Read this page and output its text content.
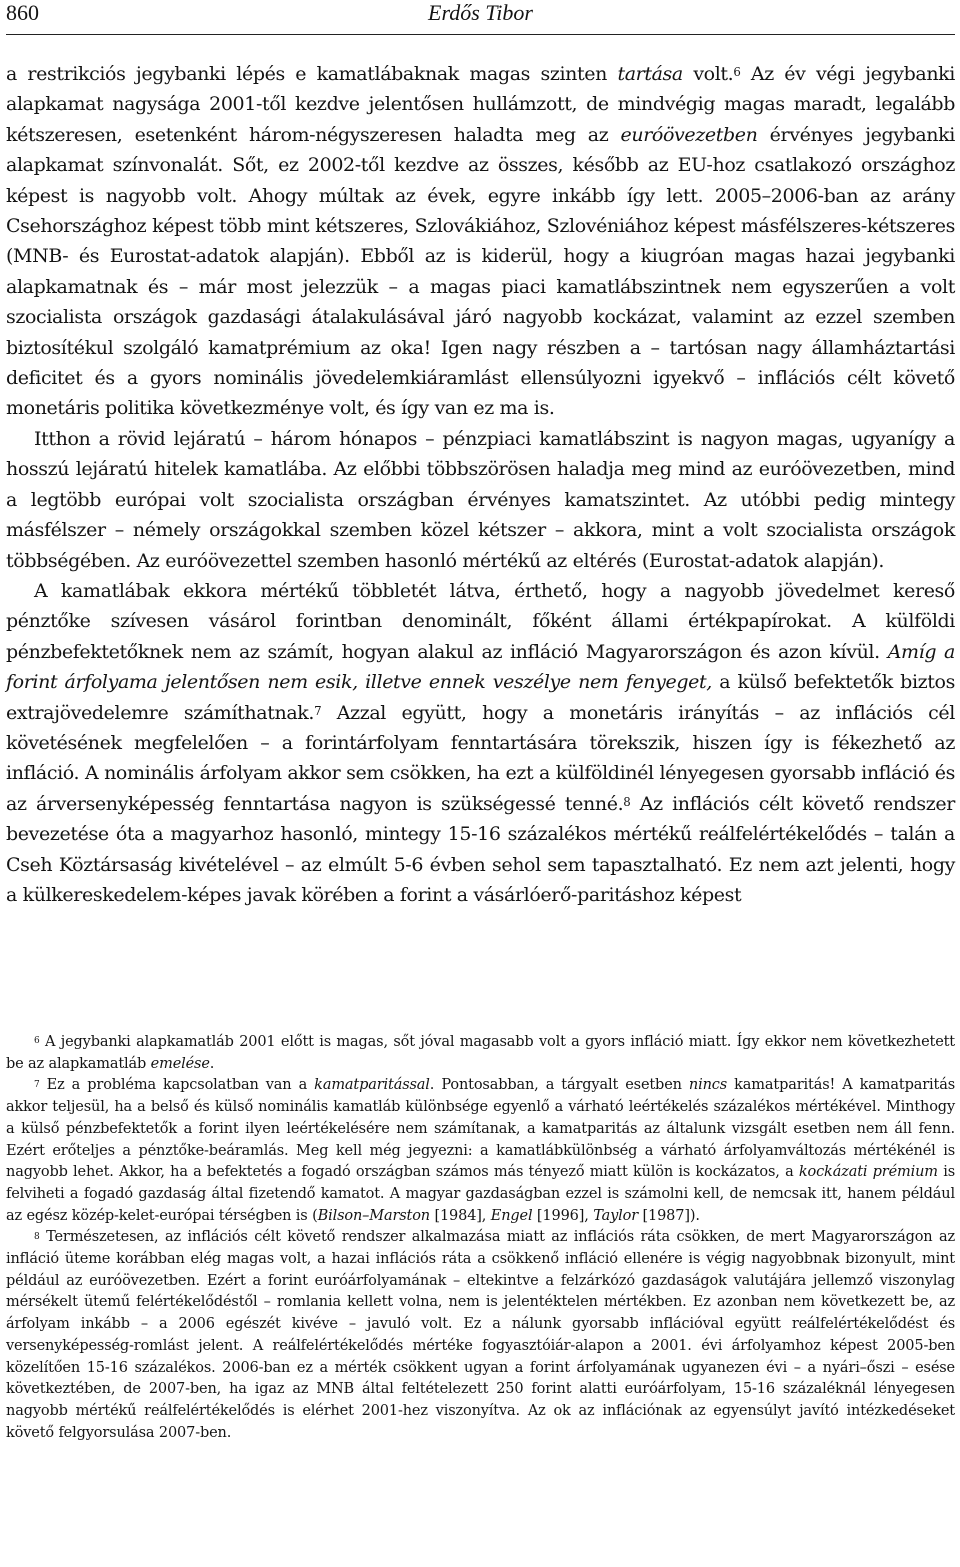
860	Erdős Tibor

a restrikciós jegybanki lépés e kamatlábaknak magas szinten tartása volt.$^6$ Az év végi jegybanki alapkamat nagysága 2001-től kezdve jelentősen hullámzott, de mindvégig magas maradt, legalább kétszeresen, esetenként három-négyszeresen haladta meg az euróövezetben érvényes jegybanki alapkamat színvonalát. Sőt, ez 2002-től kezdve az összes, később az EU-hoz csatlakozó országhoz képest is nagyobb volt. Ahogy múltak az évek, egyre inkább így lett. 2005–2006-ban az arány Csehországhoz képest több mint kétszeres, Szlovákiához, Szlovéniához képest másfélszeres-kétszeres (MNB- és Eurostat-adatok alapján). Ebből az is kiderül, hogy a kiugróan magas hazai jegybanki alapkamatnak és – már most jelezzük – a magas piaci kamatlábszintnek nem egyszerűen a volt szocialista országok gazdasági átalakulásával járó nagyobb kockázat, valamint az ezzel szemben biztosítékul szolgáló kamatprémium az oka! Igen nagy részben a – tartósan nagy államháztartási deficitet és a gyors nominális jövedelemkiáramlást ellensúlyozni igyekvő – inflációs célt követő monetáris politika következménye volt, és így van ez ma is.

Itthon a rövid lejáratú – három hónapos – pénzpiaci kamatlábszint is nagyon magas, ugyanígy a hosszú lejáratú hitelek kamatlába. Az előbbi többszörösen haladja meg mind az euróövezetben, mind a legtöbb európai volt szocialista országban érvényes kamatszintet. Az utóbbi pedig mintegy másfélszer – némely országokkal szemben közel kétszer – akkora, mint a volt szocialista országok többségében. Az euróövezettel szemben hasonló mértékű az eltérés (Eurostat-adatok alapján).

A kamatlábak ekkora mértékű többletét látva, érthető, hogy a nagyobb jövedelmet kereső pénztőke szívesen vásárol forintban denominált, főként állami értékpapírokat. A külföldi pénzbefektetőknek nem az számít, hogyan alakul az infláció Magyarországon és azon kívül. Amíg a forint árfolyama jelentősen nem esik, illetve ennek veszélye nem fenyeget, a külső befektetők biztos extrajövedelemre számíthatnak.$^7$ Azzal együtt, hogy a monetáris irányítás – az inflációs cél követésének megfelelően – a forintárfolyam fenntartására törekszik, hiszen így is fékezhető az infláció. A nominális árfolyam akkor sem csökken, ha ezt a külföldinél lényegesen gyorsabb infláció és az árversenyképesség fenntartása nagyon is szükségessé tenné.$^8$ Az inflációs célt követő rendszer bevezetése óta a magyarhoz hasonló, mintegy 15-16 százalékos mértékű reálfelértékelődés – talán a Cseh Köztársaság kivételével – az elmúlt 5-6 évben sehol sem tapasztalható. Ez nem azt jelenti, hogy a külkereskedelem-képes javak körében a forint a vásárlóerő-paritáshoz képest

$^6$ A jegybanki alapkamatláb 2001 előtt is magas, sőt jóval magasabb volt a gyors infláció miatt. Így ekkor nem következhetett be az alapkamatláb emelése.

$^7$ Ez a probléma kapcsolatban van a kamatparitással. Pontosabban, a tárgyalt esetben nincs kamatparitás! A kamatparitás akkor teljesül, ha a belső és külső nominális kamatláb különbsége egyenlő a várható leértékelés százalékos mértékével. Minthogy a külső pénzbefektetők a forint ilyen leértékelésére nem számítanak, a kamatparitás az általunk vizsgált esetben nem áll fenn. Ezért erőteljes a pénztőke-beáramlás. Meg kell még jegyezni: a kamatlábkülönbség a várható árfolyamváltozás mértékénél is nagyobb lehet. Akkor, ha a befektetés a fogadó országban számos más tényező miatt külön is kockázatos, a kockázati prémium is felviheti a fogadó gazdaság által fizetendő kamatot. A magyar gazdaságban ezzel is számolni kell, de nemcsak itt, hanem például az egész közép-kelet-európai térségben is (Bilson–Marston [1984], Engel [1996], Taylor [1987]).

$^8$ Természetesen, az inflációs célt követő rendszer alkalmazása miatt az inflációs ráta csökken, de mert Magyarországon az infláció üteme korábban elég magas volt, a hazai inflációs ráta a csökkenő infláció ellenére is végig nagyobbnak bizonyult, mint például az euróövezetben. Ezért a forint euróárfolyamának – eltekintve a felzárkózó gazdaságok valutájára jellemző viszonylag mérsékelt ütemű felértékelődéstől – romlania kellett volna, nem is jelentéktelen mértékben. Ez azonban nem következett be, az árfolyam inkább – a 2006 egészét kivéve – javuló volt. Ez a nálunk gyorsabb inflációval együtt reálfelértékelődést és versenyképesség-romlást jelent. A reálfelértékelődés mértéke fogyasztóiár-alapon a 2001. évi árfolyamhoz képest 2005-ben közelítően 15-16 százalékos. 2006-ban ez a mérték csökkent ugyan a forint árfolyamának ugyanezen évi – a nyári–őszi – esése következtében, de 2007-ben, ha igaz az MNB által feltételezett 250 forint alatti euróárfolyam, 15-16 százaléknál lényegesen nagyobb mértékű reálfelértékelődés is elérhet 2001-hez viszonyítva. Az ok az inflációnak az egyensúlyt javító intézkedéseket követő felgyorsulása 2007-ben.
